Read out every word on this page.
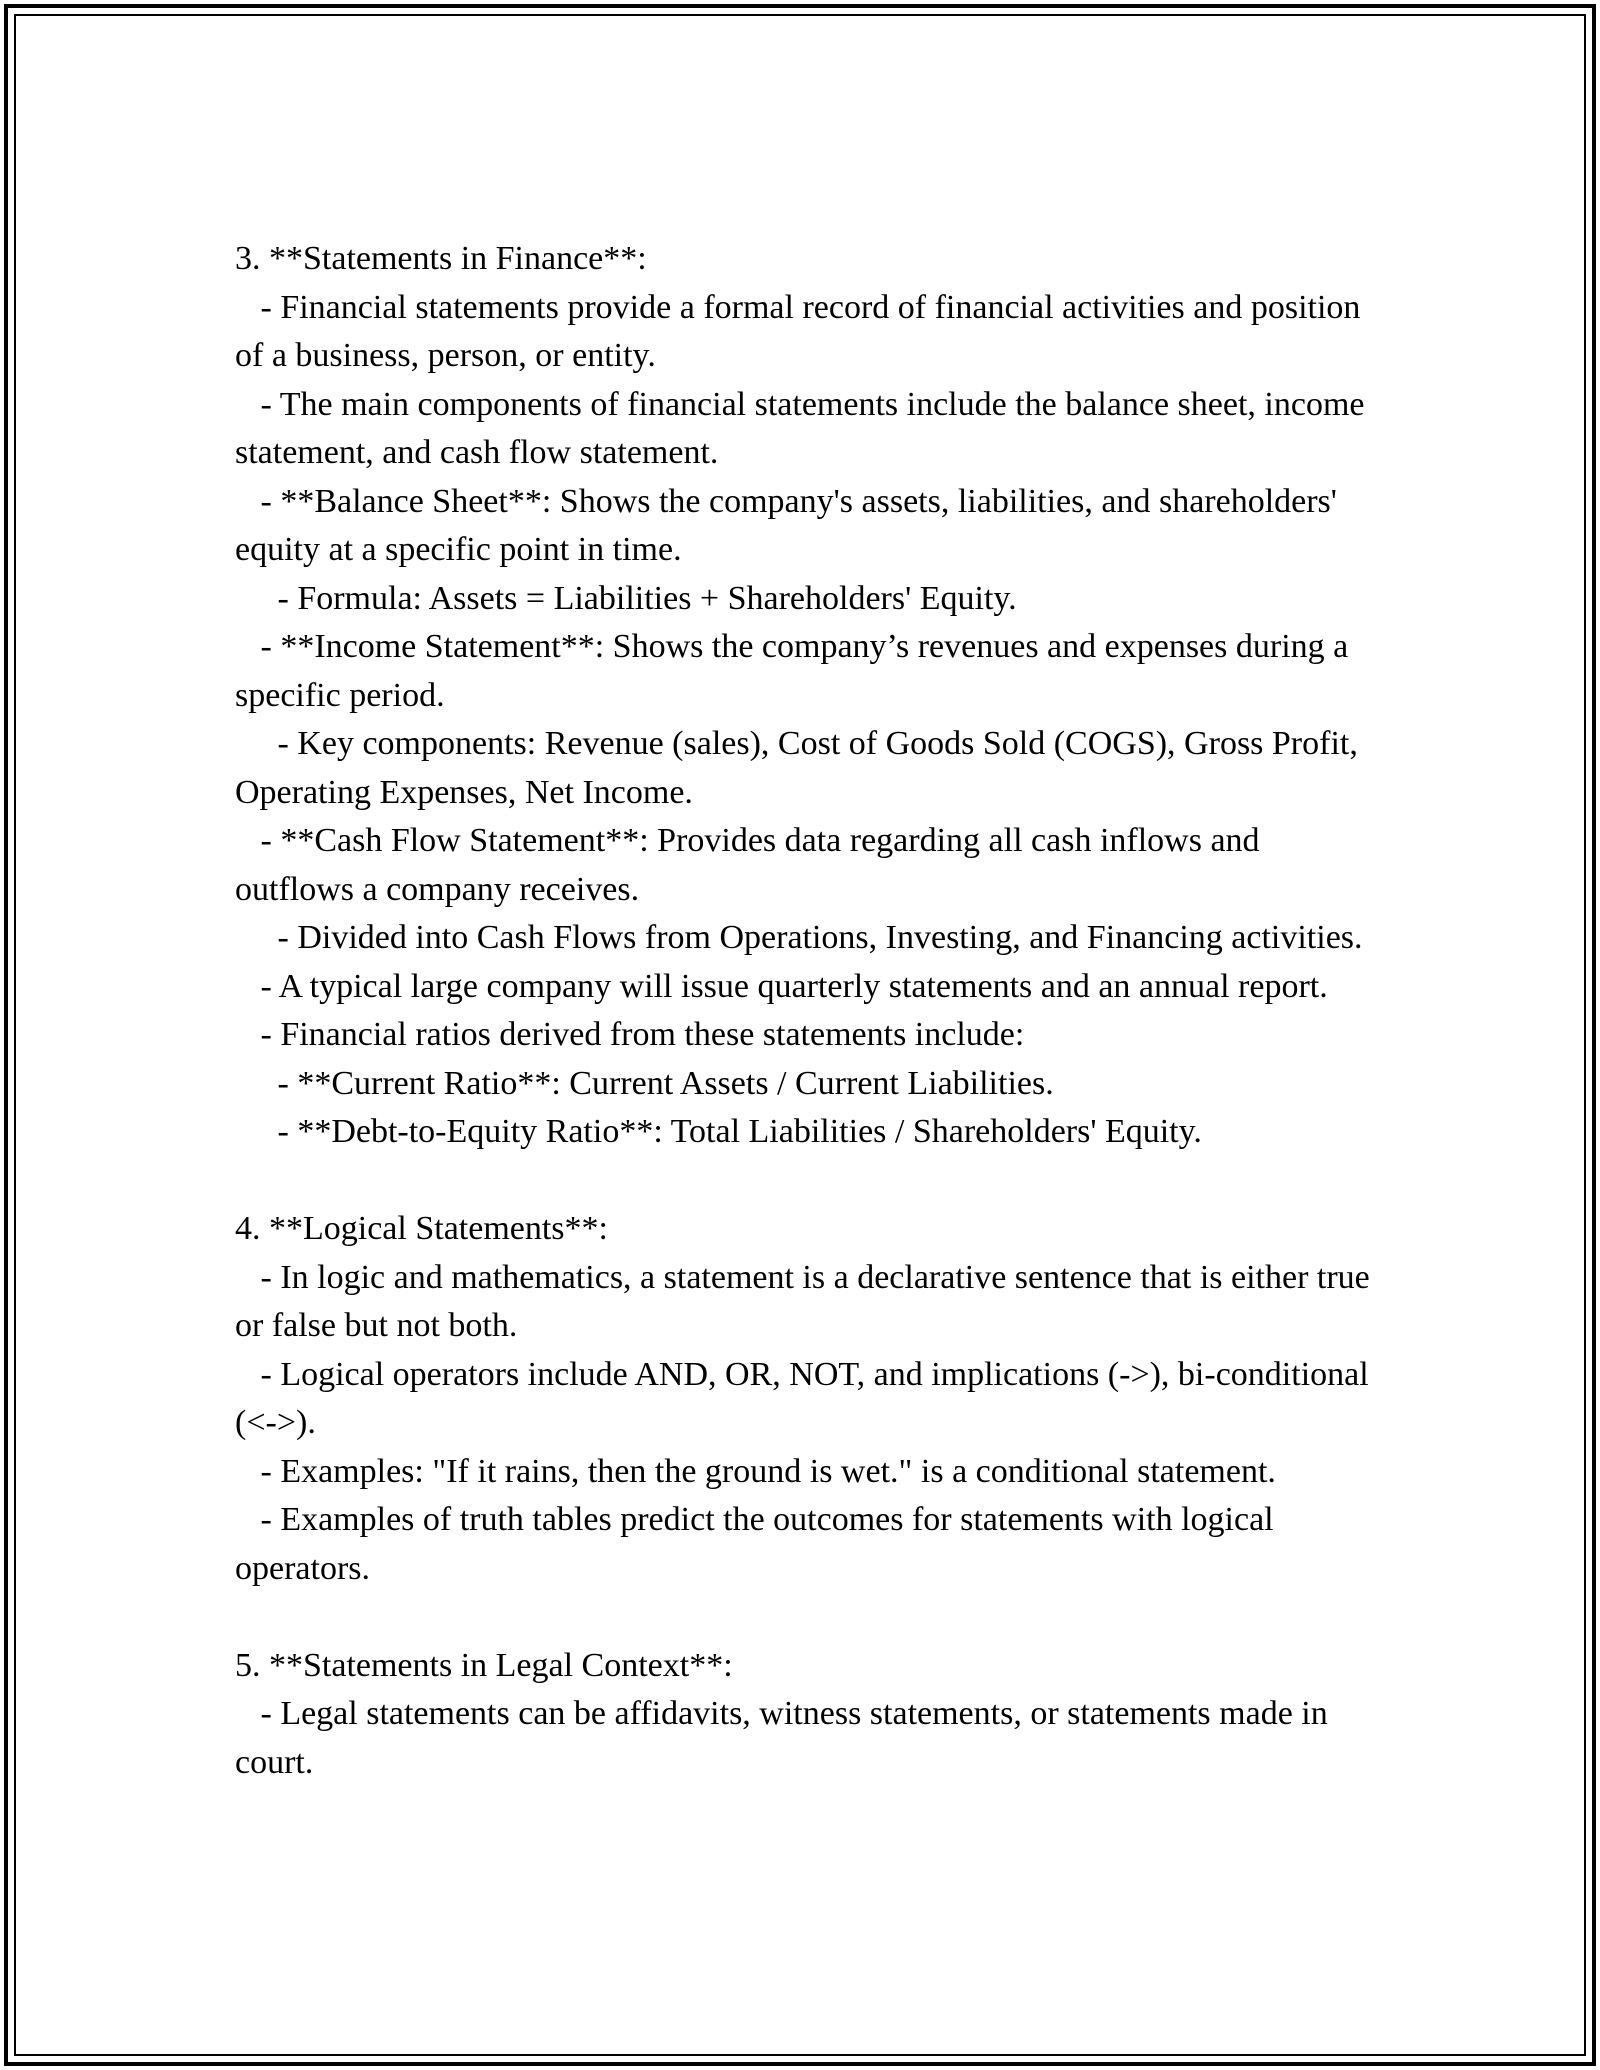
3. **Statements in Finance**:

- Financial statements provide a formal record of financial activities and position of a business, person, or entity.

- The main components of financial statements include the balance sheet, income statement, and cash flow statement.

- **Balance Sheet**: Shows the company's assets, liabilities, and shareholders' equity at a specific point in time.

- Formula: Assets = Liabilities + Shareholders' Equity.

- **Income Statement**: Shows the company’s revenues and expenses during a specific period.

- Key components: Revenue (sales), Cost of Goods Sold (COGS), Gross Profit, Operating Expenses, Net Income.

- **Cash Flow Statement**: Provides data regarding all cash inflows and outflows a company receives.

- Divided into Cash Flows from Operations, Investing, and Financing activities.

- A typical large company will issue quarterly statements and an annual report.

- Financial ratios derived from these statements include:

- **Current Ratio**: Current Assets / Current Liabilities.

- **Debt-to-Equity Ratio**: Total Liabilities / Shareholders' Equity.

4. **Logical Statements**:

- In logic and mathematics, a statement is a declarative sentence that is either true or false but not both.

- Logical operators include AND, OR, NOT, and implications (->), bi-conditional (<->).

- Examples: "If it rains, then the ground is wet." is a conditional statement.

- Examples of truth tables predict the outcomes for statements with logical operators.

5. **Statements in Legal Context**:

- Legal statements can be affidavits, witness statements, or statements made in court.
